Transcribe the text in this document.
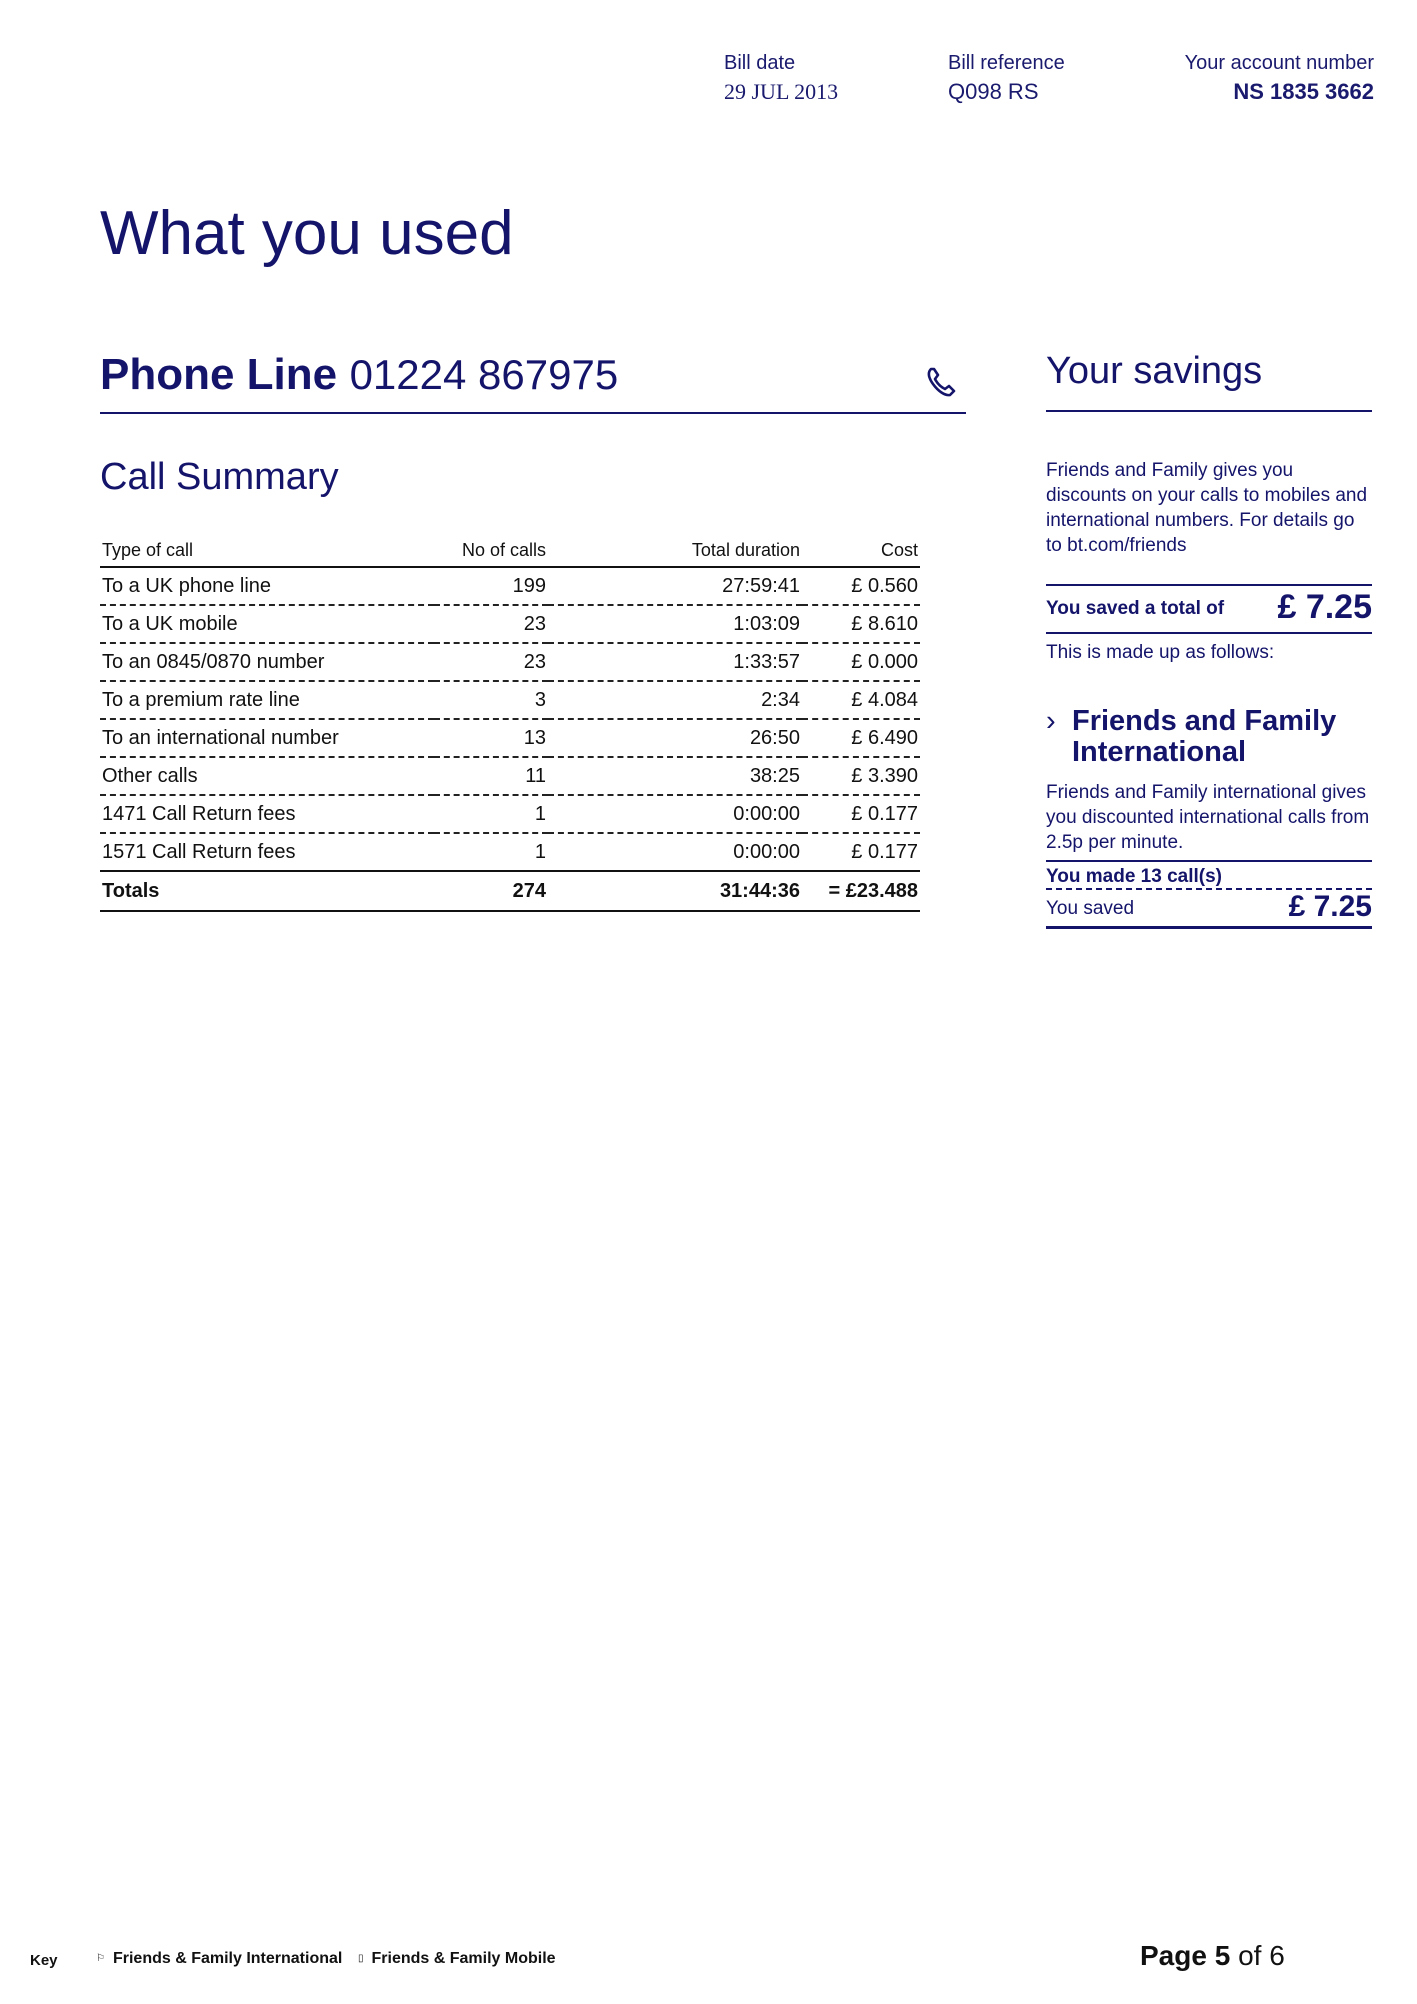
Bill date
29 JUL 2013
Bill reference
Q098 RS
Your account number
NS 1835 3662
What you used
Phone Line 01224 867975
Call Summary
Type of call	No of calls	Total duration	Cost
To a UK phone line	199	27:59:41	£ 0.560
To a UK mobile	23	1:03:09	£ 8.610
To an 0845/0870 number	23	1:33:57	£ 0.000
To a premium rate line	3	2:34	£ 4.084
To an international number	13	26:50	£ 6.490
Other calls	11	38:25	£ 3.390
1471 Call Return fees	1	0:00:00	£ 0.177
1571 Call Return fees	1	0:00:00	£ 0.177
Totals	274	31:44:36	= £23.488
Your savings
Friends and Family gives you discounts on your calls to mobiles and international numbers. For details go to bt.com/friends
You saved a total of £ 7.25
This is made up as follows:
› Friends and Family International
Friends and Family international gives you discounted international calls from 2.5p per minute.
You made 13 call(s)
You saved	£ 7.25
Key	⚐ Friends & Family International ▯ Friends & Family Mobile	Page 5 of 6
